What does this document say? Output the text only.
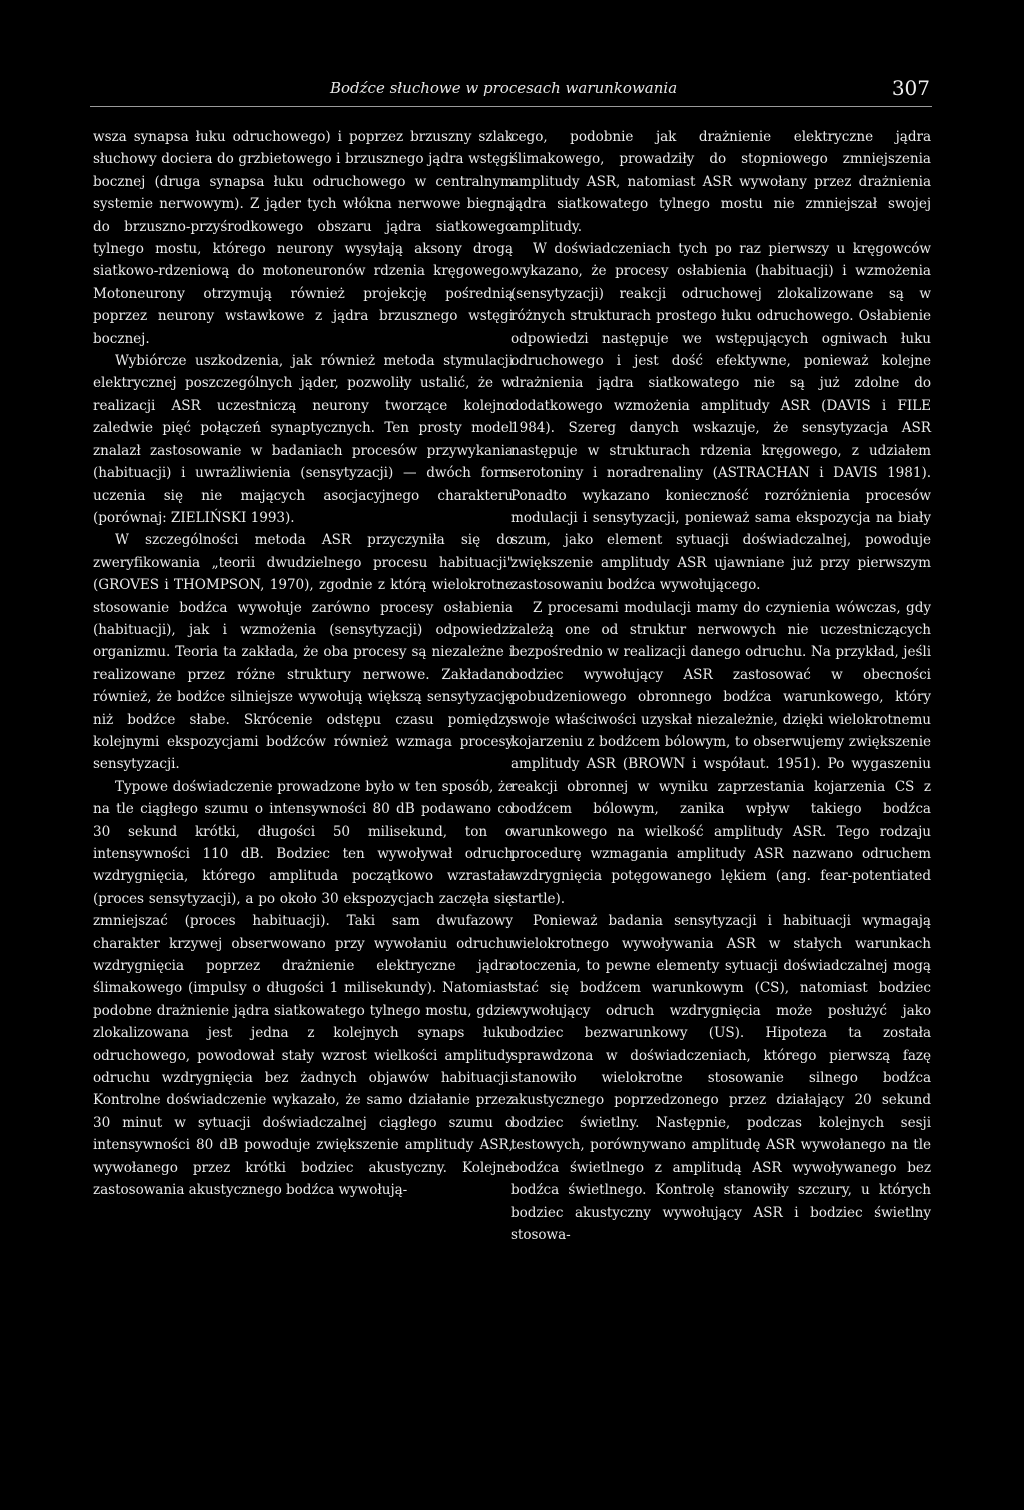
Bodźce słuchowe w procesach warunkowania	307

wsza synapsa łuku odruchowego) i poprzez brzuszny szlak słuchowy dociera do grzbietowego i brzusznego jądra wstęgi bocznej (druga synapsa łuku odruchowego w centralnym systemie nerwowym). Z jąder tych włókna nerwowe biegną do brzuszno-przyśrodkowego obszaru jądra siatkowego tylnego mostu, którego neurony wysyłają aksony drogą siatkowo-rdzeniową do motoneuronów rdzenia kręgowego. Motoneurony otrzymują również projekcję pośrednią poprzez neurony wstawkowe z jądra brzusznego wstęgi bocznej.

Wybiórcze uszkodzenia, jak również metoda stymulacji elektrycznej poszczególnych jąder, pozwoliły ustalić, że w realizacji ASR uczestniczą neurony tworzące kolejno zaledwie pięć połączeń synaptycznych. Ten prosty model znalazł zastosowanie w badaniach procesów przywykania (habituacji) i uwrażliwienia (sensytyzacji) — dwóch form uczenia się nie mających asocjacyjnego charakteru (porównaj: ZIELIŃSKI 1993).

W szczególności metoda ASR przyczyniła się do zweryfikowania „teorii dwudzielnego procesu habituacji" (GROVES i THOMPSON, 1970), zgodnie z którą wielokrotne stosowanie bodźca wywołuje zarówno procesy osłabienia (habituacji), jak i wzmożenia (sensytyzacji) odpowiedzi organizmu. Teoria ta zakłada, że oba procesy są niezależne i realizowane przez różne struktury nerwowe. Zakładano również, że bodźce silniejsze wywołują większą sensytyzację niż bodźce słabe. Skrócenie odstępu czasu pomiędzy kolejnymi ekspozycjami bodźców również wzmaga procesy sensytyzacji.

Typowe doświadczenie prowadzone było w ten sposób, że na tle ciągłego szumu o intensywności 80 dB podawano co 30 sekund krótki, długości 50 milisekund, ton o intensywności 110 dB. Bodziec ten wywoływał odruch wzdrygnięcia, którego amplituda początkowo wzrastała (proces sensytyzacji), a po około 30 ekspozycjach zaczęła się zmniejszać (proces habituacji). Taki sam dwufazowy charakter krzywej obserwowano przy wywołaniu odruchu wzdrygnięcia poprzez drażnienie elektryczne jądra ślimakowego (impulsy o długości 1 milisekundy). Natomiast podobne drażnienie jądra siatkowatego tylnego mostu, gdzie zlokalizowana jest jedna z kolejnych synaps łuku odruchowego, powodował stały wzrost wielkości amplitudy odruchu wzdrygnięcia bez żadnych objawów habituacji. Kontrolne doświadczenie wykazało, że samo działanie przez 30 minut w sytuacji doświadczalnej ciągłego szumu o intensywności 80 dB powoduje zwiększenie amplitudy ASR, wywołanego przez krótki bodziec akustyczny. Kolejne zastosowania akustycznego bodźca wywołują-

cego, podobnie jak drażnienie elektryczne jądra ślimakowego, prowadziły do stopniowego zmniejszenia amplitudy ASR, natomiast ASR wywołany przez drażnienia jądra siatkowatego tylnego mostu nie zmniejszał swojej amplitudy.

W doświadczeniach tych po raz pierwszy u kręgowców wykazano, że procesy osłabienia (habituacji) i wzmożenia (sensytyzacji) reakcji odruchowej zlokalizowane są w różnych strukturach prostego łuku odruchowego. Osłabienie odpowiedzi następuje we wstępujących ogniwach łuku odruchowego i jest dość efektywne, ponieważ kolejne drażnienia jądra siatkowatego nie są już zdolne do dodatkowego wzmożenia amplitudy ASR (DAVIS i FILE 1984). Szereg danych wskazuje, że sensytyzacja ASR następuje w strukturach rdzenia kręgowego, z udziałem serotoniny i noradrenaliny (ASTRACHAN i DAVIS 1981). Ponadto wykazano konieczność rozróżnienia procesów modulacji i sensytyzacji, ponieważ sama ekspozycja na biały szum, jako element sytuacji doświadczalnej, powoduje zwiększenie amplitudy ASR ujawniane już przy pierwszym zastosowaniu bodźca wywołującego.

Z procesami modulacji mamy do czynienia wówczas, gdy zależą one od struktur nerwowych nie uczestniczących bezpośrednio w realizacji danego odruchu. Na przykład, jeśli bodziec wywołujący ASR zastosować w obecności pobudzeniowego obronnego bodźca warunkowego, który swoje właściwości uzyskał niezależnie, dzięki wielokrotnemu kojarzeniu z bodźcem bólowym, to obserwujemy zwiększenie amplitudy ASR (BROWN i współaut. 1951). Po wygaszeniu reakcji obronnej w wyniku zaprzestania kojarzenia CS z bodźcem bólowym, zanika wpływ takiego bodźca warunkowego na wielkość amplitudy ASR. Tego rodzaju procedurę wzmagania amplitudy ASR nazwano odruchem wzdrygnięcia potęgowanego lękiem (ang. fear-potentiated startle).

Ponieważ badania sensytyzacji i habituacji wymagają wielokrotnego wywoływania ASR w stałych warunkach otoczenia, to pewne elementy sytuacji doświadczalnej mogą stać się bodźcem warunkowym (CS), natomiast bodziec wywołujący odruch wzdrygnięcia może posłużyć jako bodziec bezwarunkowy (US). Hipoteza ta została sprawdzona w doświadczeniach, którego pierwszą fazę stanowiło wielokrotne stosowanie silnego bodźca akustycznego poprzedzonego przez działający 20 sekund bodziec świetlny. Następnie, podczas kolejnych sesji testowych, porównywano amplitudę ASR wywołanego na tle bodźca świetlnego z amplitudą ASR wywoływanego bez bodźca świetlnego. Kontrolę stanowiły szczury, u których bodziec akustyczny wywołujący ASR i bodziec świetlny stosowa-
